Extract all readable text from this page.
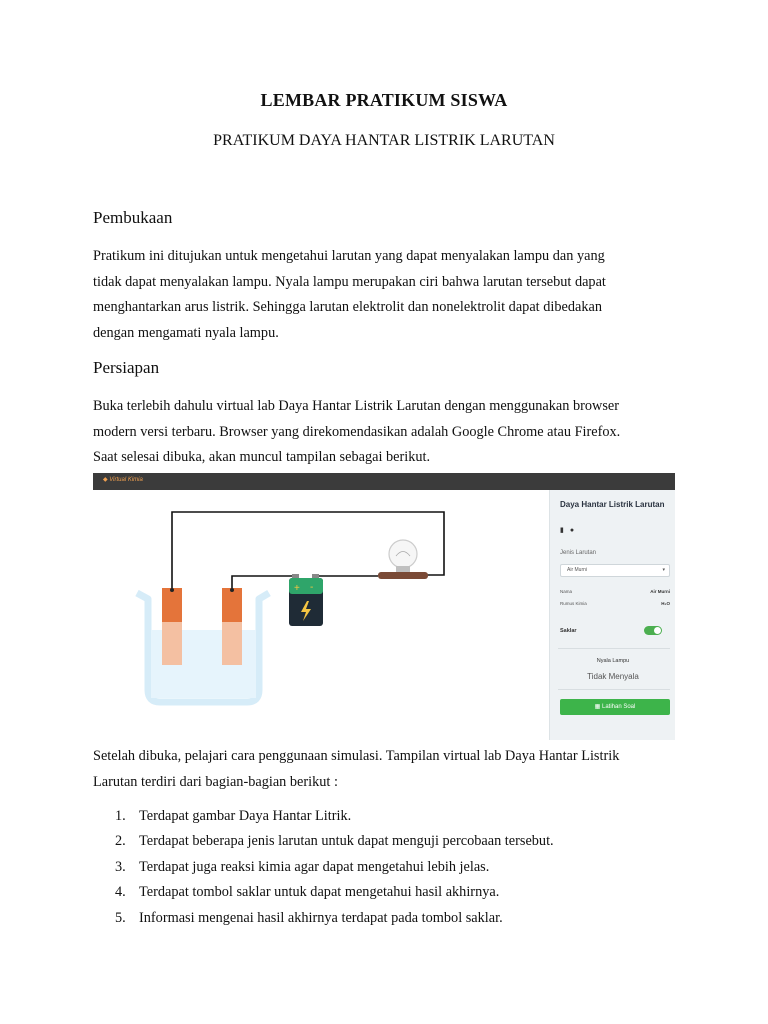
LEMBAR PRATIKUM SISWA
PRATIKUM DAYA HANTAR LISTRIK LARUTAN
Pembukaan
Pratikum ini ditujukan untuk mengetahui larutan yang dapat menyalakan lampu dan yang
tidak dapat menyalakan lampu. Nyala lampu merupakan ciri bahwa larutan tersebut dapat
menghantarkan arus listrik. Sehingga larutan elektrolit dan nonelektrolit dapat dibedakan
dengan mengamati nyala lampu.
Persiapan
Buka terlebih dahulu virtual lab Daya Hantar Listrik Larutan dengan menggunakan browser
modern versi terbaru. Browser yang direkomendasikan adalah Google Chrome atau Firefox.
Saat selesai dibuka, akan muncul tampilan sebagai berikut.
◆ Virtual Kimia
+ -
Daya Hantar Listrik Larutan
▮ ●
Jenis Larutan
Air Murni	▾
Nama	Air Murni
Rumus Kimia	H₂O
Saklar
Nyala Lampu
Tidak Menyala
▦ Latihan Soal
Setelah dibuka, pelajari cara penggunaan simulasi. Tampilan virtual lab Daya Hantar Listrik
Larutan terdiri dari bagian-bagian berikut :
1. Terdapat gambar Daya Hantar Litrik.
2. Terdapat beberapa jenis larutan untuk dapat menguji percobaan tersebut.
3. Terdapat juga reaksi kimia agar dapat mengetahui lebih jelas.
4. Terdapat tombol saklar untuk dapat mengetahui hasil akhirnya.
5. Informasi mengenai hasil akhirnya terdapat pada tombol saklar.
